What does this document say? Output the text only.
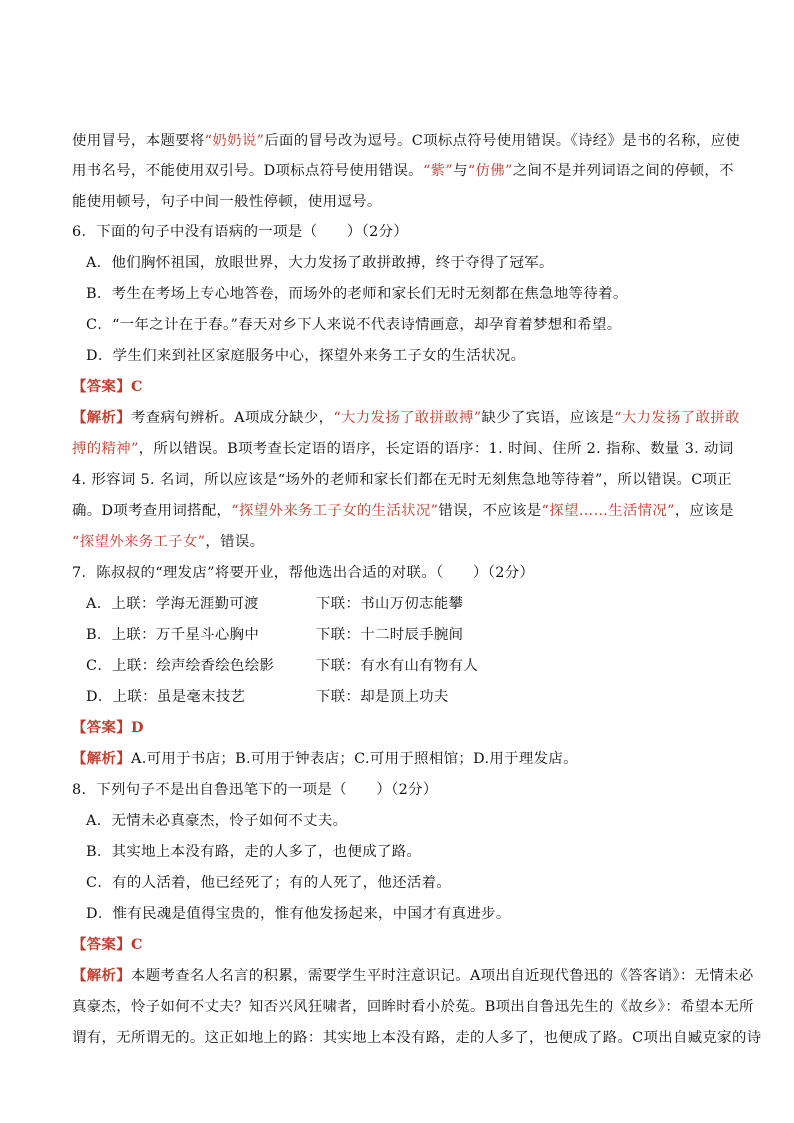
使用冒号，本题要将“奶奶说”后面的冒号改为逗号。C项标点符号使用错误。《诗经》是书的名称，应使
用书名号，不能使用双引号。D项标点符号使用错误。“紫”与“仿佛”之间不是并列词语之间的停顿，不
能使用顿号，句子中间一般性停顿，使用逗号。
6．下面的句子中没有语病的一项是（　　）（2分）
A．他们胸怀祖国，放眼世界，大力发扬了敢拼敢搏，终于夺得了冠军。
B．考生在考场上专心地答卷，而场外的老师和家长们无时无刻都在焦急地等待着。
C．“一年之计在于春。”春天对乡下人来说不代表诗情画意，却孕育着梦想和希望。
D．学生们来到社区家庭服务中心，探望外来务工子女的生活状况。
【答案】C
【解析】考查病句辨析。A项成分缺少，“大力发扬了敢拼敢搏”缺少了宾语，应该是“大力发扬了敢拼敢
搏的精神”，所以错误。B项考查长定语的语序，长定语的语序：1. 时间、住所 2. 指称、数量 3. 动词
4. 形容词 5. 名词，所以应该是“场外的老师和家长们都在无时无刻焦急地等待着”，所以错误。C项正
确。D项考查用词搭配，“探望外来务工子女的生活状况”错误，不应该是“探望……生活情况”，应该是
“探望外来务工子女”，错误。
7．陈叔叔的“理发店”将要开业，帮他选出合适的对联。（　　）（2分）
A．上联：学海无涯勤可渡	下联：书山万仞志能攀
B．上联：万千星斗心胸中	下联：十二时辰手腕间
C．上联：绘声绘香绘色绘影	下联：有水有山有物有人
D．上联：虽是毫末技艺	下联：却是顶上功夫
【答案】D
【解析】A.可用于书店；B.可用于钟表店；C.可用于照相馆；D.用于理发店。
8．下列句子不是出自鲁迅笔下的一项是（　　）（2分）
A．无情未必真豪杰，怜子如何不丈夫。
B．其实地上本没有路，走的人多了，也便成了路。
C．有的人活着，他已经死了；有的人死了，他还活着。
D．惟有民魂是值得宝贵的，惟有他发扬起来，中国才有真进步。
【答案】C
【解析】本题考查名人名言的积累，需要学生平时注意识记。A项出自近现代鲁迅的《答客诮》：无情未必
真豪杰，怜子如何不丈夫？知否兴风狂啸者，回眸时看小於菟。B项出自鲁迅先生的《故乡》：希望本无所
谓有，无所谓无的。这正如地上的路：其实地上本没有路，走的人多了，也便成了路。C项出自臧克家的诗
